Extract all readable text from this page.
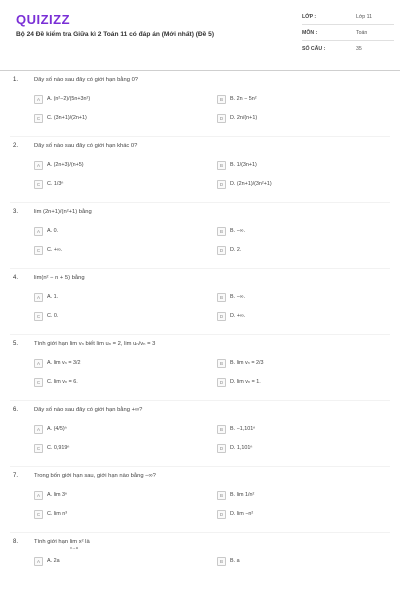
QUIZIZZ
Bộ 24 Đề kiểm tra Giữa kì 2 Toán 11 có đáp án (Mới nhất) (Đề 5)
LỚP :	Lớp 11
MÔN :	Toán
SỐ CÂU :	35
1.	Dãy số nào sau đây có giới hạn bằng 0?
A	A. (n²−2)/(5n+3n²)	B	B. 2n − 5n²
C	C. (3n+1)/(2n+1)	D	D. 2n/(n+1)
2.	Dãy số nào sau đây có giới hạn khác 0?
A	A. (2n+3)/(n+5)	B	B. 1/(3n+1)
C	C. 1/3ⁿ	D	D. (2n+1)/(3n²+1)
3.	lim (2n+1)/(n²+1) bằng
A	A. 0.	B	B. −∞.
C	C. +∞.	D	D. 2.
4.	lim(n² − n + 5) bằng
A	A. 1.	B	B. −∞.
C	C. 0.	D	D. +∞.
5.	Tính giới hạn lim vₙ biết lim uₙ = 2, lim uₙ/vₙ = 3
A	A. lim vₙ = 3/2	B	B. lim vₙ = 2/3
C	C. lim vₙ = 6.	D	D. lim vₙ = 1.
6.	Dãy số nào sau đây có giới hạn bằng +∞?
A	A. (4/5)ⁿ	B	B. −1,101ⁿ
C	C. 0,919ⁿ	D	D. 1,101ⁿ
7.	Trong bốn giới hạn sau, giới hạn nào bằng −∞?
A	A. lim 3ⁿ	B	B. lim 1/n²
C	C. lim n³	D	D. lim −n²
8.	Tính giới hạn lim x² là
x→a
A	A. 2a	B	B. a
